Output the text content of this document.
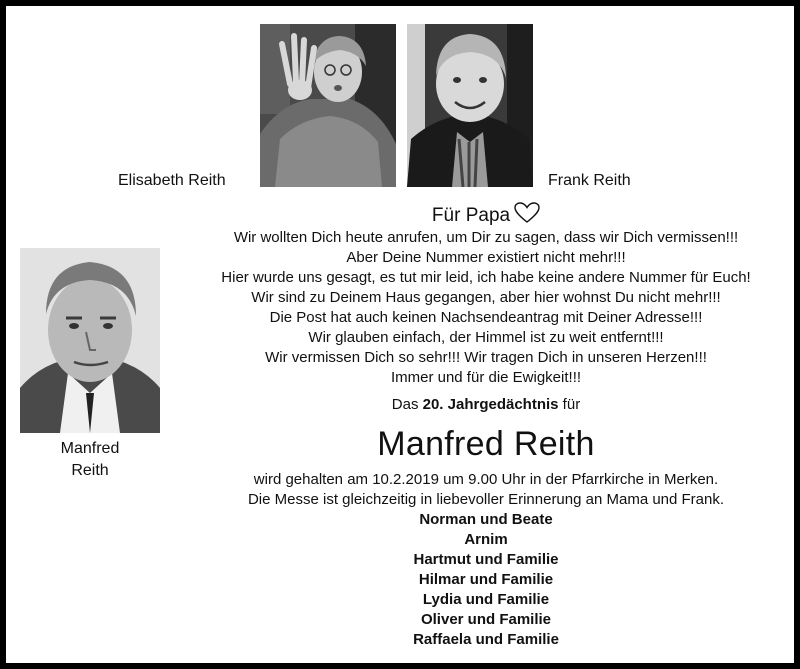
Elisabeth Reith	Frank Reith
Manfred
Reith
Für Papa
Wir wollten Dich heute anrufen, um Dir zu sagen, dass wir Dich vermissen!!!
Aber Deine Nummer existiert nicht mehr!!!
Hier wurde uns gesagt, es tut mir leid, ich habe keine andere Nummer für Euch!
Wir sind zu Deinem Haus gegangen, aber hier wohnst Du nicht mehr!!!
Die Post hat auch keinen Nachsendeantrag mit Deiner Adresse!!!
Wir glauben einfach, der Himmel ist zu weit entfernt!!!
Wir vermissen Dich so sehr!!! Wir tragen Dich in unseren Herzen!!!
Immer und für die Ewigkeit!!!
Das 20. Jahrgedächtnis für
Manfred Reith
wird gehalten am 10.2.2019 um 9.00 Uhr in der Pfarrkirche in Merken.
Die Messe ist gleichzeitig in liebevoller Erinnerung an Mama und Frank.
Norman und Beate
Arnim
Hartmut und Familie
Hilmar und Familie
Lydia und Familie
Oliver und Familie
Raffaela und Familie
